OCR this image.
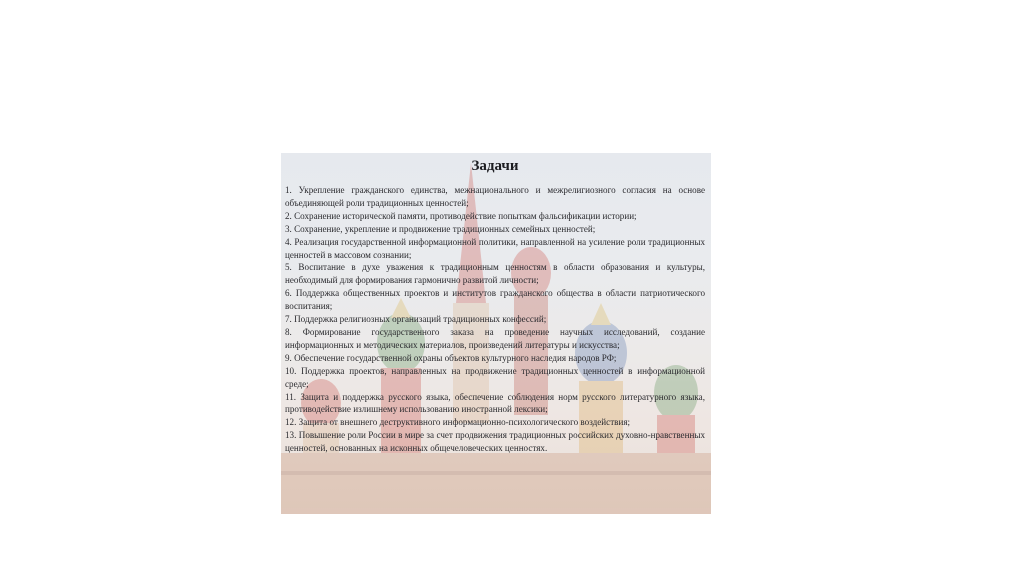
Задачи
1. Укрепление гражданского единства, межнационального и межрелигиозного согласия на основе объединяющей роли традиционных ценностей;
2. Сохранение исторической памяти, противодействие попыткам фальсификации истории;
3. Сохранение, укрепление и продвижение традиционных семейных ценностей;
4. Реализация государственной информационной политики, направленной на усиление роли традиционных ценностей в массовом сознании;
5. Воспитание в духе уважения к традиционным ценностям в области образования и культуры, необходимый для формирования гармонично развитой личности;
6. Поддержка общественных проектов и институтов гражданского общества в области патриотического воспитания;
7. Поддержка религиозных организаций традиционных конфессий;
8. Формирование государственного заказа на проведение научных исследований, создание информационных и методических материалов, произведений литературы и искусства;
9. Обеспечение государственной охраны объектов культурного наследия народов РФ;
10. Поддержка проектов, направленных на продвижение традиционных ценностей в информационной среде;
11. Защита и поддержка русского языка, обеспечение соблюдения норм русского литературного языка, противодействие излишнему использованию иностранной лексики;
12. Защита от внешнего деструктивного информационно-психологического воздействия;
13. Повышение роли России в мире за счет продвижения традиционных российских духовно-нравственных ценностей, основанных на исконных общечеловеческих ценностях.
